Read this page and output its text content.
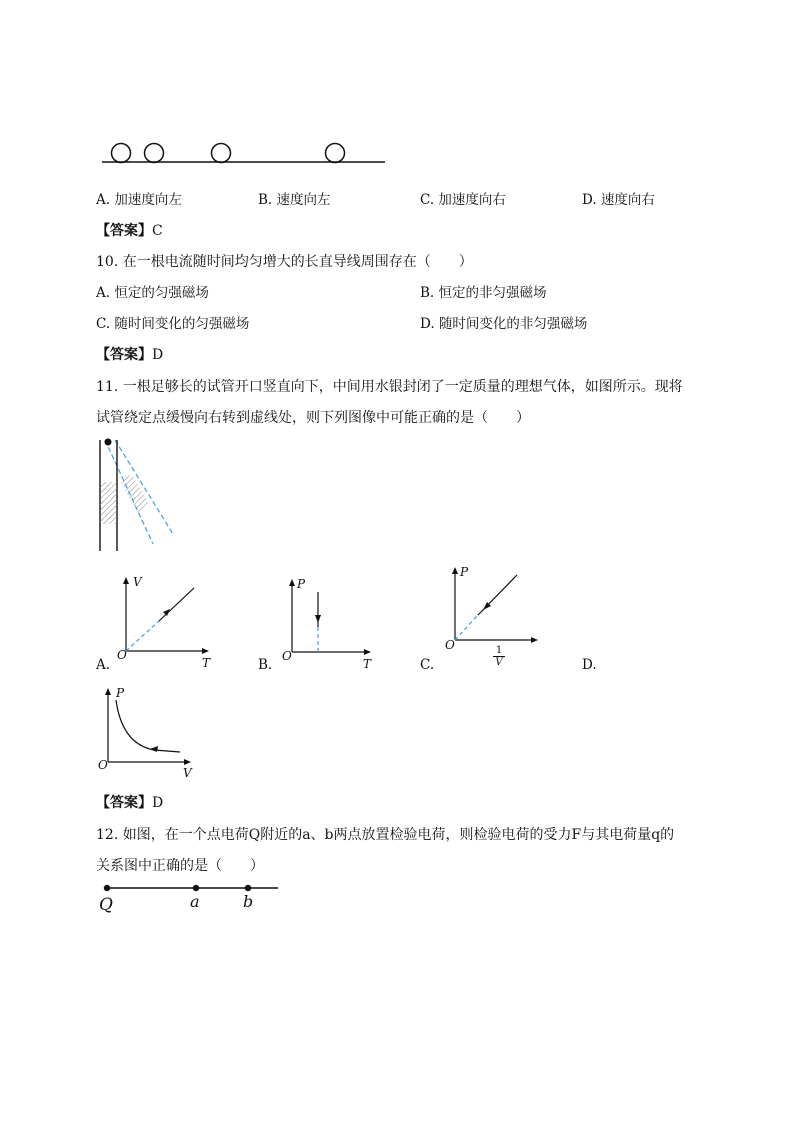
A. 加速度向左	B. 速度向左	C. 加速度向右	D. 速度向右
【答案】C
10. 在一根电流随时间均匀增大的长直导线周围存在（　　）
A. 恒定的匀强磁场	B. 恒定的非匀强磁场
C. 随时间变化的匀强磁场	D. 随时间变化的非匀强磁场
【答案】D
11. 一根足够长的试管开口竖直向下，中间用水银封闭了一定质量的理想气体，如图所示。现将
试管绕定点缓慢向右转到虚线处，则下列图像中可能正确的是（　　）
V
T
O
A.
P
T
O
B.
P
$\frac{1}{V}$
O
C.	D.
P
V
O
【答案】D
12. 如图，在一个点电荷Q附近的a、b两点放置检验电荷，则检验电荷的受力F与其电荷量q的
关系图中正确的是（　　）
Q	a	b
